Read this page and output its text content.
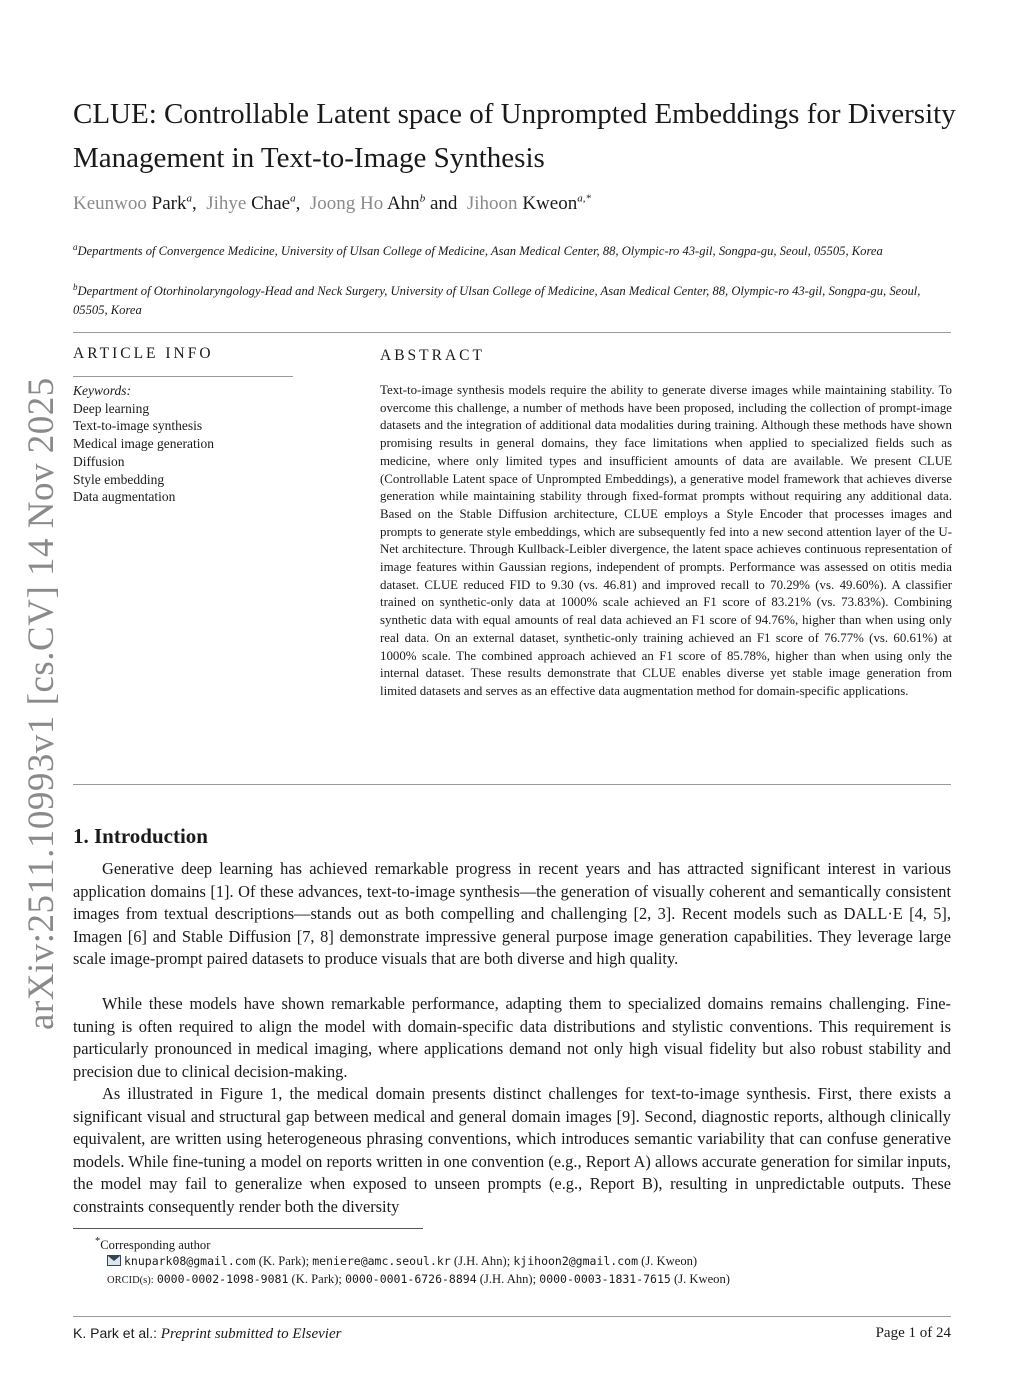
arXiv:2511.10993v1 [cs.CV] 14 Nov 2025
CLUE: Controllable Latent space of Unprompted Embeddings for Diversity Management in Text-to-Image Synthesis
Keunwoo Park$^a$, Jihye Chae$^a$, Joong Ho Ahn$^b$ and Jihoon Kweon$^{a,*}$
$^a$Departments of Convergence Medicine, University of Ulsan College of Medicine, Asan Medical Center, 88, Olympic-ro 43-gil, Songpa-gu, Seoul, 05505, Korea
$^b$Department of Otorhinolaryngology-Head and Neck Surgery, University of Ulsan College of Medicine, Asan Medical Center, 88, Olympic-ro 43-gil, Songpa-gu, Seoul, 05505, Korea
ARTICLE INFO
Keywords:
Deep learning
Text-to-image synthesis
Medical image generation
Diffusion
Style embedding
Data augmentation
ABSTRACT
Text-to-image synthesis models require the ability to generate diverse images while maintaining stability. To overcome this challenge, a number of methods have been proposed, including the collection of prompt-image datasets and the integration of additional data modalities during training. Although these methods have shown promising results in general domains, they face limitations when applied to specialized fields such as medicine, where only limited types and insufficient amounts of data are available. We present CLUE (Controllable Latent space of Unprompted Embeddings), a generative model framework that achieves diverse generation while maintaining stability through fixed-format prompts without requiring any additional data. Based on the Stable Diffusion architecture, CLUE employs a Style Encoder that processes images and prompts to generate style embeddings, which are subsequently fed into a new second attention layer of the U-Net architecture. Through Kullback-Leibler divergence, the latent space achieves continuous representation of image features within Gaussian regions, independent of prompts. Performance was assessed on otitis media dataset. CLUE reduced FID to 9.30 (vs. 46.81) and improved recall to 70.29% (vs. 49.60%). A classifier trained on synthetic-only data at 1000% scale achieved an F1 score of 83.21% (vs. 73.83%). Combining synthetic data with equal amounts of real data achieved an F1 score of 94.76%, higher than when using only real data. On an external dataset, synthetic-only training achieved an F1 score of 76.77% (vs. 60.61%) at 1000% scale. The combined approach achieved an F1 score of 85.78%, higher than when using only the internal dataset. These results demonstrate that CLUE enables diverse yet stable image generation from limited datasets and serves as an effective data augmentation method for domain-specific applications.
1. Introduction
Generative deep learning has achieved remarkable progress in recent years and has attracted significant interest in various application domains [1]. Of these advances, text-to-image synthesis—the generation of visually coherent and semantically consistent images from textual descriptions—stands out as both compelling and challenging [2, 3]. Recent models such as DALL·E [4, 5], Imagen [6] and Stable Diffusion [7, 8] demonstrate impressive general purpose image generation capabilities. They leverage large scale image-prompt paired datasets to produce visuals that are both diverse and high quality.
While these models have shown remarkable performance, adapting them to specialized domains remains challenging. Fine-tuning is often required to align the model with domain-specific data distributions and stylistic conventions. This requirement is particularly pronounced in medical imaging, where applications demand not only high visual fidelity but also robust stability and precision due to clinical decision-making.
As illustrated in Figure 1, the medical domain presents distinct challenges for text-to-image synthesis. First, there exists a significant visual and structural gap between medical and general domain images [9]. Second, diagnostic reports, although clinically equivalent, are written using heterogeneous phrasing conventions, which introduces semantic variability that can confuse generative models. While fine-tuning a model on reports written in one convention (e.g., Report A) allows accurate generation for similar inputs, the model may fail to generalize when exposed to unseen prompts (e.g., Report B), resulting in unpredictable outputs. These constraints consequently render both the diversity
*Corresponding author
knupark08@gmail.com (K. Park); meniere@amc.seoul.kr (J.H. Ahn); kjihoon2@gmail.com (J. Kweon)
ORCID(s): 0000-0002-1098-9081 (K. Park); 0000-0001-6726-8894 (J.H. Ahn); 0000-0003-1831-7615 (J. Kweon)
K. Park et al.: Preprint submitted to Elsevier	Page 1 of 24
